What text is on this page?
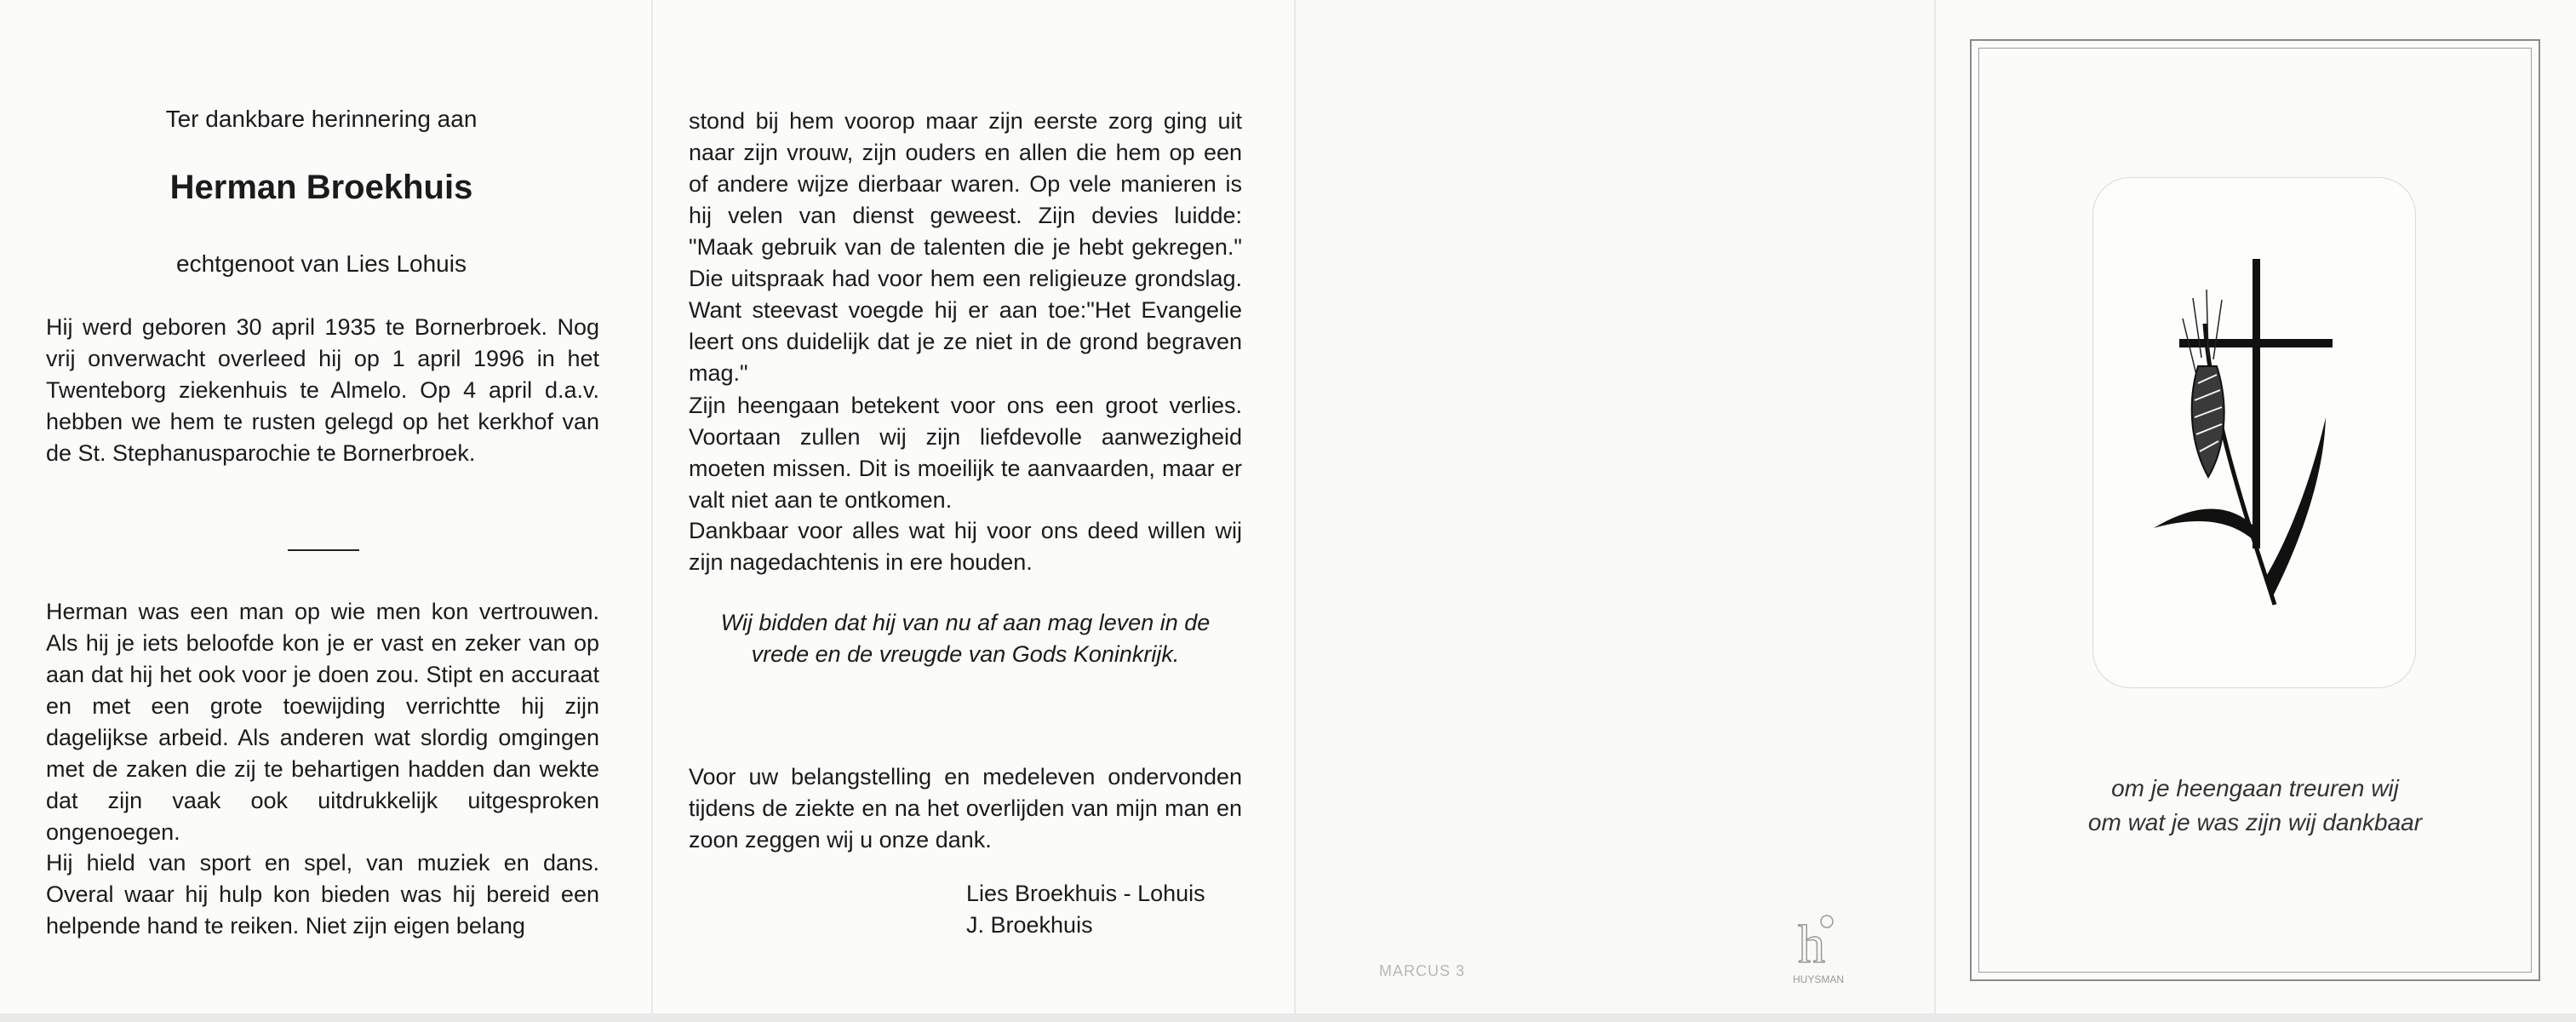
Ter dankbare herinnering aan
Herman Broekhuis
echtgenoot van Lies Lohuis

Hij werd geboren 30 april 1935 te Bornerbroek. Nog vrij onverwacht overleed hij op 1 april 1996 in het Twenteborg ziekenhuis te Almelo. Op 4 april d.a.v. hebben we hem te rusten gelegd op het kerkhof van de St. Stephanusparochie te Bornerbroek.

Herman was een man op wie men kon vertrouwen. Als hij je iets beloofde kon je er vast en zeker van op aan dat hij het ook voor je doen zou. Stipt en accuraat en met een grote toewijding verrichtte hij zijn dagelijkse arbeid. Als anderen wat slordig omgingen met de zaken die zij te behartigen hadden dan wekte dat zijn vaak ook uitdrukkelijk uitgesproken ongenoegen.

Hij hield van sport en spel, van muziek en dans. Overal waar hij hulp kon bieden was hij bereid een helpende hand te reiken. Niet zijn eigen belang

stond bij hem voorop maar zijn eerste zorg ging uit naar zijn vrouw, zijn ouders en allen die hem op een of andere wijze dierbaar waren. Op vele manieren is hij velen van dienst geweest. Zijn devies luidde: "Maak gebruik van de talenten die je hebt gekregen." Die uitspraak had voor hem een religieuze grondslag. Want steevast voegde hij er aan toe:"Het Evangelie leert ons duidelijk dat je ze niet in de grond begraven mag."

Zijn heengaan betekent voor ons een groot verlies. Voortaan zullen wij zijn liefdevolle aanwezigheid moeten missen. Dit is moeilijk te aanvaarden, maar er valt niet aan te ontkomen.

Dankbaar voor alles wat hij voor ons deed willen wij zijn nagedachtenis in ere houden.

Wij bidden dat hij van nu af aan mag leven in de
vrede en de vreugde van Gods Koninkrijk.

Voor uw belangstelling en medeleven ondervonden tijdens de ziekte en na het overlijden van mijn man en zoon zeggen wij u onze dank.

Lies Broekhuis - Lohuis
J. Broekhuis
MARCUS 3	h
HUYSMAN
om je heengaan treuren wij
om wat je was zijn wij dankbaar
